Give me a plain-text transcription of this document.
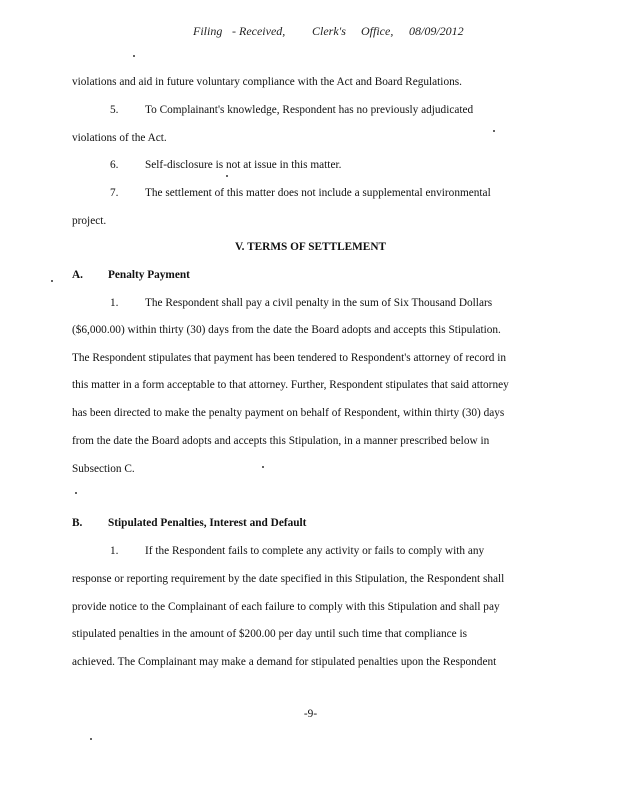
Filing - Received, Clerk's Office, 08/09/2012
violations and aid in future voluntary compliance with the Act and Board Regulations.
5. To Complainant's knowledge, Respondent has no previously adjudicated
violations of the Act.
6. Self-disclosure is not at issue in this matter.
7. The settlement of this matter does not include a supplemental environmental
project.
V. TERMS OF SETTLEMENT
A. Penalty Payment
1. The Respondent shall pay a civil penalty in the sum of Six Thousand Dollars
($6,000.00) within thirty (30) days from the date the Board adopts and accepts this Stipulation.
The Respondent stipulates that payment has been tendered to Respondent's attorney of record in
this matter in a form acceptable to that attorney. Further, Respondent stipulates that said attorney
has been directed to make the penalty payment on behalf of Respondent, within thirty (30) days
from the date the Board adopts and accepts this Stipulation, in a manner prescribed below in
Subsection C.
B. Stipulated Penalties, Interest and Default
1. If the Respondent fails to complete any activity or fails to comply with any
response or reporting requirement by the date specified in this Stipulation, the Respondent shall
provide notice to the Complainant of each failure to comply with this Stipulation and shall pay
stipulated penalties in the amount of $200.00 per day until such time that compliance is
achieved. The Complainant may make a demand for stipulated penalties upon the Respondent
-9-
